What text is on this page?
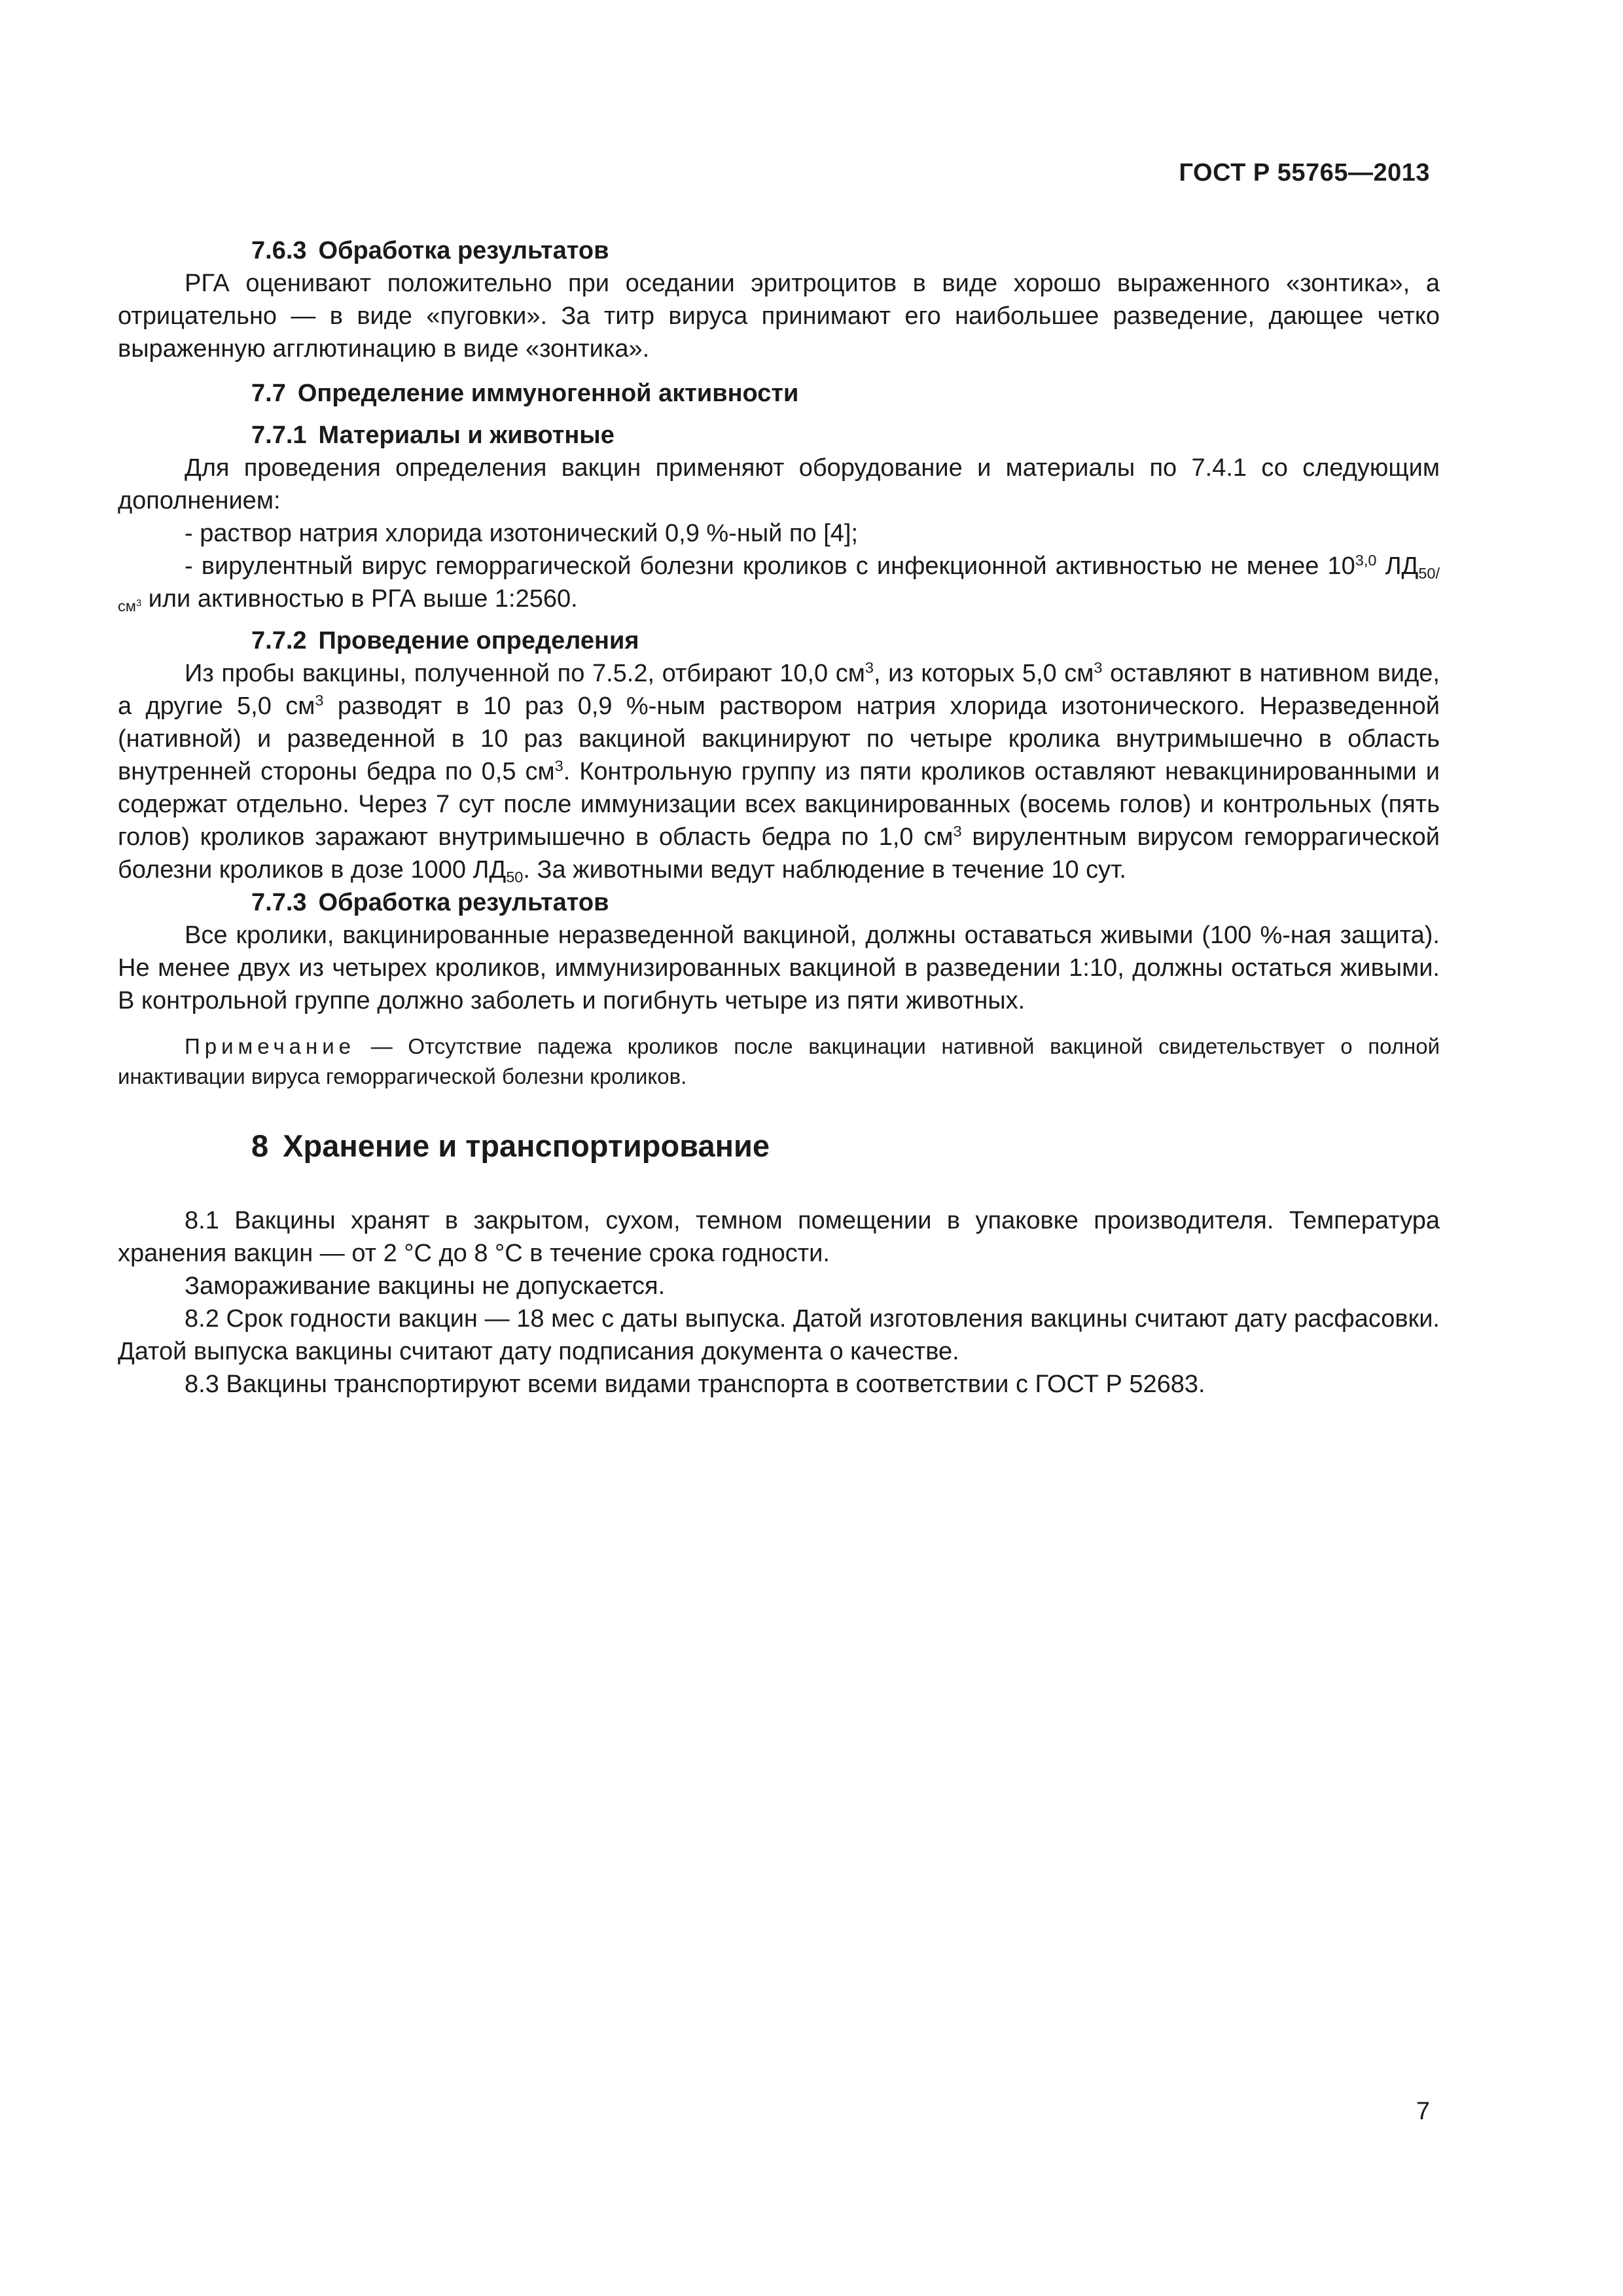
ГОСТ Р 55765—2013
7.6.3 Обработка результатов

РГА оценивают положительно при оседании эритроцитов в виде хорошо выраженного «зонтика», а отрицательно — в виде «пуговки». За титр вируса принимают его наибольшее разведение, дающее четко выраженную агглютинацию в виде «зонтика».

7.7 Определение иммуногенной активности
7.7.1 Материалы и животные

Для проведения определения вакцин применяют оборудование и материалы по 7.4.1 со следующим дополнением:

- раствор натрия хлорида изотонический 0,9 %-ный по [4];

- вирулентный вирус геморрагической болезни кроликов с инфекционной активностью не менее 10$^{3,0}$ $ЛД_{50/см^3}$ или активностью в РГА выше 1:2560.

7.7.2 Проведение определения

Из пробы вакцины, полученной по 7.5.2, отбирают 10,0 $см^3$, из которых 5,0 $см^3$ оставляют в нативном виде, а другие 5,0 $см^3$ разводят в 10 раз 0,9 %-ным раствором натрия хлорида изотонического. Неразведенной (нативной) и разведенной в 10 раз вакциной вакцинируют по четыре кролика внутримышечно в область внутренней стороны бедра по 0,5 $см^3$. Контрольную группу из пяти кроликов оставляют невакцинированными и содержат отдельно. Через 7 сут после иммунизации всех вакцинированных (восемь голов) и контрольных (пять голов) кроликов заражают внутримышечно в область бедра по 1,0 $см^3$ вирулентным вирусом геморрагической болезни кроликов в дозе 1000 $ЛД_{50}$. За животными ведут наблюдение в течение 10 сут.

7.7.3 Обработка результатов

Все кролики, вакцинированные неразведенной вакциной, должны оставаться живыми (100 %-ная защита). Не менее двух из четырех кроликов, иммунизированных вакциной в разведении 1:10, должны остаться живыми. В контрольной группе должно заболеть и погибнуть четыре из пяти животных.

Примечание — Отсутствие падежа кроликов после вакцинации нативной вакциной свидетельствует о полной инактивации вируса геморрагической болезни кроликов.
8 Хранение и транспортирование

8.1 Вакцины хранят в закрытом, сухом, темном помещении в упаковке производителя. Температура хранения вакцин — от 2 °С до 8 °С в течение срока годности.

Замораживание вакцины не допускается.

8.2 Срок годности вакцин — 18 мес с даты выпуска. Датой изготовления вакцины считают дату расфасовки. Датой выпуска вакцины считают дату подписания документа о качестве.

8.3 Вакцины транспортируют всеми видами транспорта в соответствии с ГОСТ Р 52683.

7
